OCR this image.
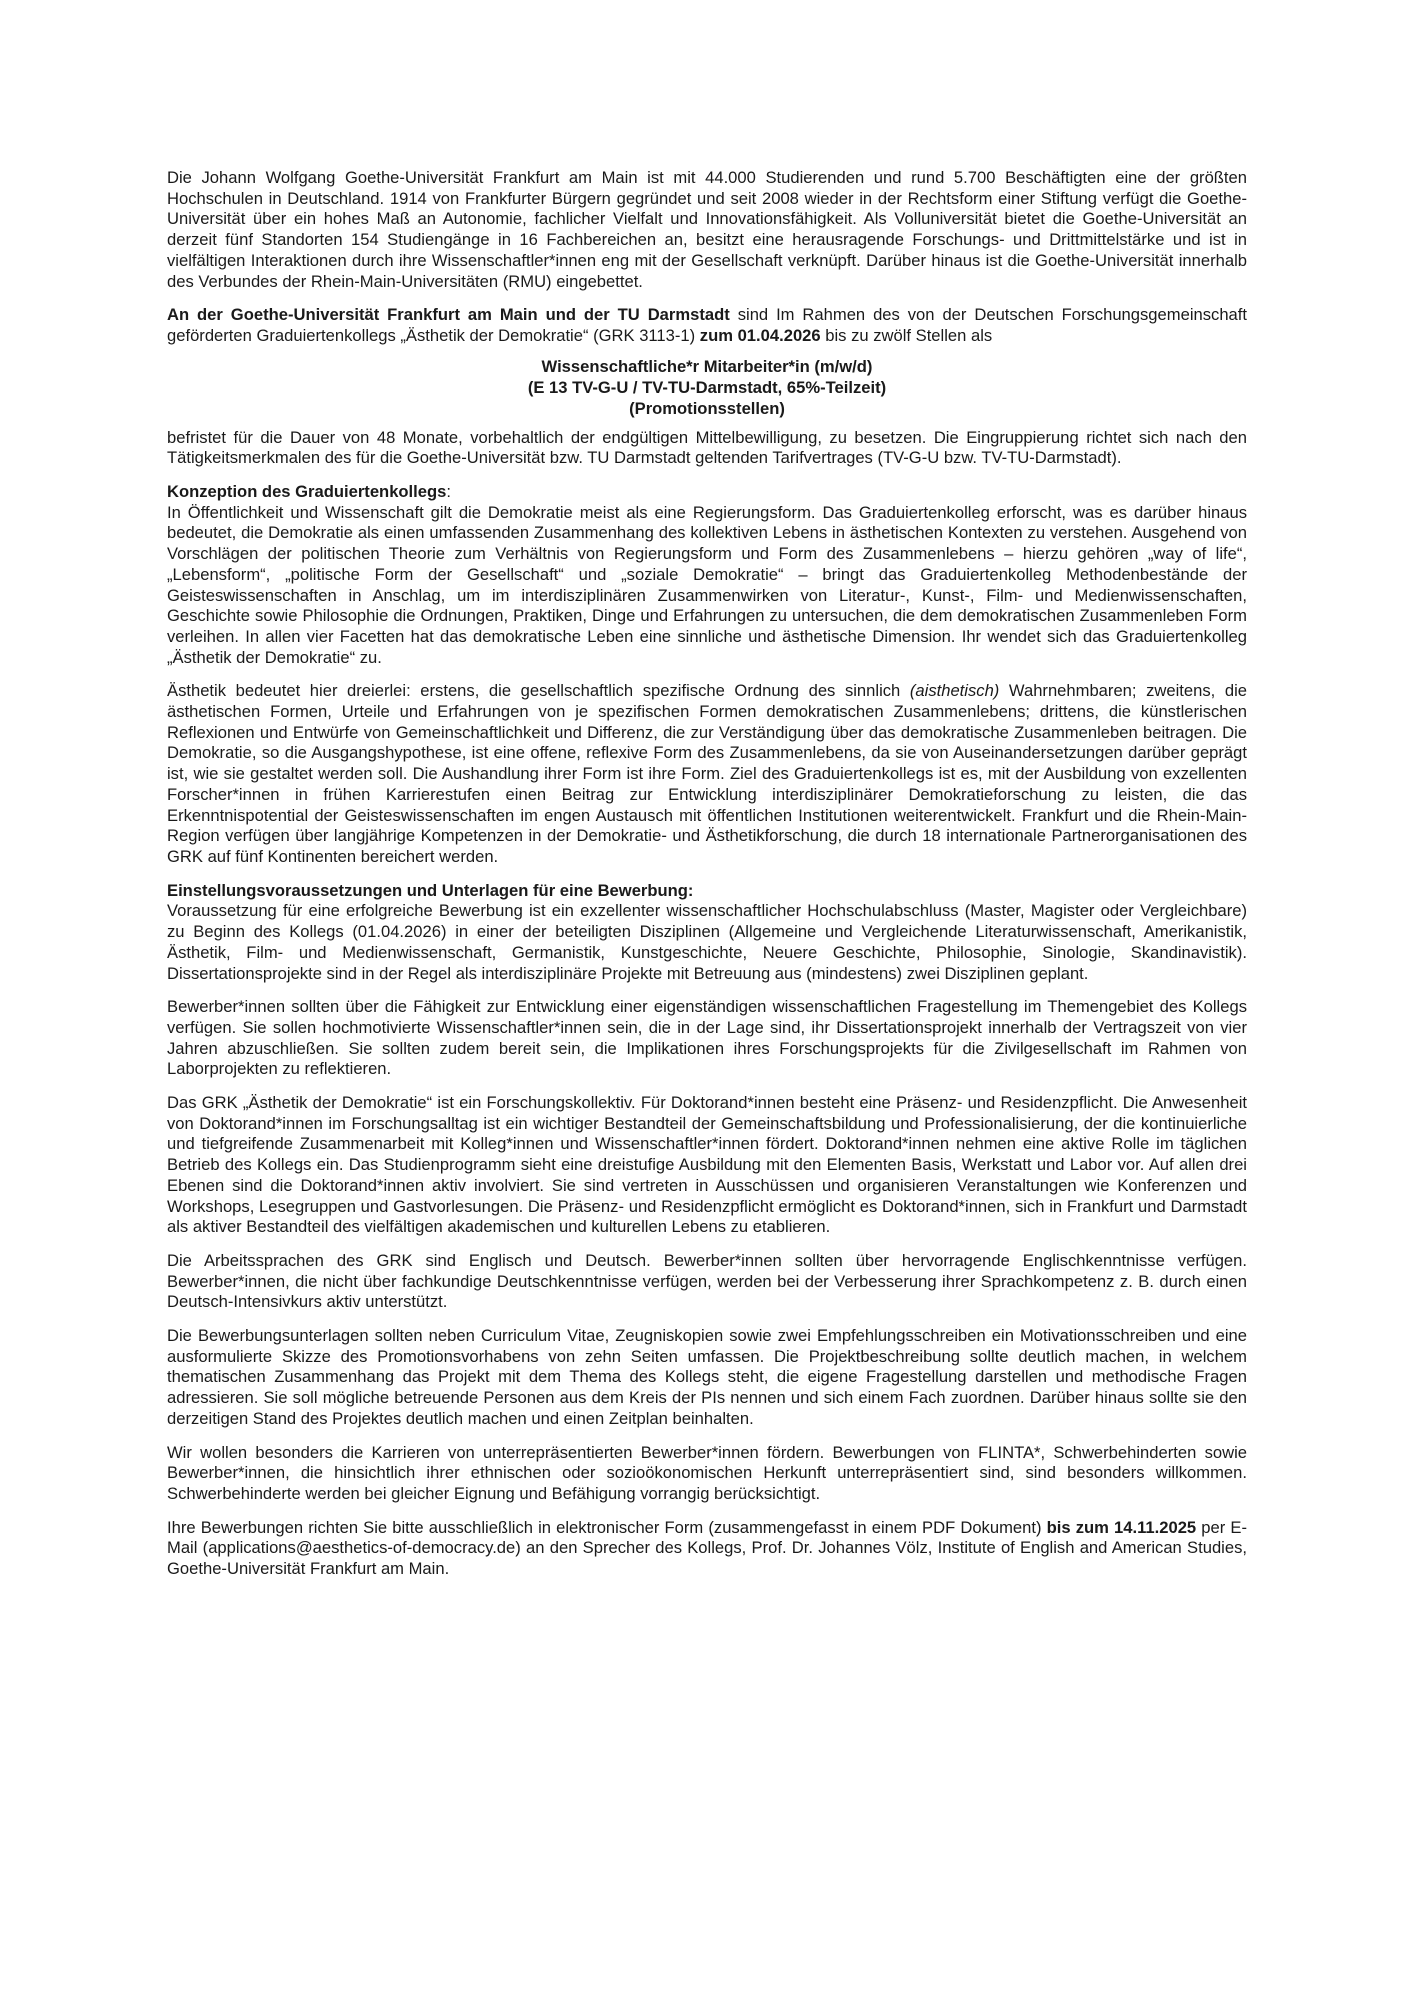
Die Johann Wolfgang Goethe-Universität Frankfurt am Main ist mit 44.000 Studierenden und rund 5.700 Beschäftigten eine der größten Hochschulen in Deutschland. 1914 von Frankfurter Bürgern gegründet und seit 2008 wieder in der Rechtsform einer Stiftung verfügt die Goethe-Universität über ein hohes Maß an Autonomie, fachlicher Vielfalt und Innovationsfähigkeit. Als Volluniversität bietet die Goethe-Universität an derzeit fünf Standorten 154 Studiengänge in 16 Fachbereichen an, besitzt eine herausragende Forschungs- und Drittmittelstärke und ist in vielfältigen Interaktionen durch ihre Wissenschaftler*innen eng mit der Gesellschaft verknüpft. Darüber hinaus ist die Goethe-Universität innerhalb des Verbundes der Rhein-Main-Universitäten (RMU) eingebettet.

An der Goethe-Universität Frankfurt am Main und der TU Darmstadt sind Im Rahmen des von der Deutschen Forschungsgemeinschaft geförderten Graduiertenkollegs „Ästhetik der Demokratie“ (GRK 3113-1) zum 01.04.2026 bis zu zwölf Stellen als

Wissenschaftliche*r Mitarbeiter*in (m/w/d)
(E 13 TV-G-U / TV-TU-Darmstadt, 65%-Teilzeit)
(Promotionsstellen)

befristet für die Dauer von 48 Monate, vorbehaltlich der endgültigen Mittelbewilligung, zu besetzen. Die Eingruppierung richtet sich nach den Tätigkeitsmerkmalen des für die Goethe-Universität bzw. TU Darmstadt geltenden Tarifvertrages (TV-G-U bzw. TV-TU-Darmstadt).

Konzeption des Graduiertenkollegs:

In Öffentlichkeit und Wissenschaft gilt die Demokratie meist als eine Regierungsform. Das Graduiertenkolleg erforscht, was es darüber hinaus bedeutet, die Demokratie als einen umfassenden Zusammenhang des kollektiven Lebens in ästhetischen Kontexten zu verstehen. Ausgehend von Vorschlägen der politischen Theorie zum Verhältnis von Regierungsform und Form des Zusammenlebens – hierzu gehören „way of life“, „Lebensform“, „politische Form der Gesellschaft“ und „soziale Demokratie“ – bringt das Graduiertenkolleg Methodenbestände der Geisteswissenschaften in Anschlag, um im interdisziplinären Zusammenwirken von Literatur-, Kunst-, Film- und Medienwissenschaften, Geschichte sowie Philosophie die Ordnungen, Praktiken, Dinge und Erfahrungen zu untersuchen, die dem demokratischen Zusammenleben Form verleihen. In allen vier Facetten hat das demokratische Leben eine sinnliche und ästhetische Dimension. Ihr wendet sich das Graduiertenkolleg „Ästhetik der Demokratie“ zu.

Ästhetik bedeutet hier dreierlei: erstens, die gesellschaftlich spezifische Ordnung des sinnlich (aisthetisch) Wahrnehmbaren; zweitens, die ästhetischen Formen, Urteile und Erfahrungen von je spezifischen Formen demokratischen Zusammenlebens; drittens, die künstlerischen Reflexionen und Entwürfe von Gemeinschaftlichkeit und Differenz, die zur Verständigung über das demokratische Zusammenleben beitragen. Die Demokratie, so die Ausgangshypothese, ist eine offene, reflexive Form des Zusammenlebens, da sie von Auseinandersetzungen darüber geprägt ist, wie sie gestaltet werden soll. Die Aushandlung ihrer Form ist ihre Form. Ziel des Graduiertenkollegs ist es, mit der Ausbildung von exzellenten Forscher*innen in frühen Karrierestufen einen Beitrag zur Entwicklung interdisziplinärer Demokratieforschung zu leisten, die das Erkenntnispotential der Geisteswissenschaften im engen Austausch mit öffentlichen Institutionen weiterentwickelt. Frankfurt und die Rhein-Main-Region verfügen über langjährige Kompetenzen in der Demokratie- und Ästhetikforschung, die durch 18 internationale Partnerorganisationen des GRK auf fünf Kontinenten bereichert werden.

Einstellungsvoraussetzungen und Unterlagen für eine Bewerbung:

Voraussetzung für eine erfolgreiche Bewerbung ist ein exzellenter wissenschaftlicher Hochschulabschluss (Master, Magister oder Vergleichbare) zu Beginn des Kollegs (01.04.2026) in einer der beteiligten Disziplinen (Allgemeine und Vergleichende Literaturwissenschaft, Amerikanistik, Ästhetik, Film- und Medienwissenschaft, Germanistik, Kunstgeschichte, Neuere Geschichte, Philosophie, Sinologie, Skandinavistik). Dissertationsprojekte sind in der Regel als interdisziplinäre Projekte mit Betreuung aus (mindestens) zwei Disziplinen geplant.

Bewerber*innen sollten über die Fähigkeit zur Entwicklung einer eigenständigen wissenschaftlichen Fragestellung im Themengebiet des Kollegs verfügen. Sie sollen hochmotivierte Wissenschaftler*innen sein, die in der Lage sind, ihr Dissertationsprojekt innerhalb der Vertragszeit von vier Jahren abzuschließen. Sie sollten zudem bereit sein, die Implikationen ihres Forschungsprojekts für die Zivilgesellschaft im Rahmen von Laborprojekten zu reflektieren.

Das GRK „Ästhetik der Demokratie“ ist ein Forschungskollektiv. Für Doktorand*innen besteht eine Präsenz- und Residenzpflicht. Die Anwesenheit von Doktorand*innen im Forschungsalltag ist ein wichtiger Bestandteil der Gemeinschaftsbildung und Professionalisierung, der die kontinuierliche und tiefgreifende Zusammenarbeit mit Kolleg*innen und Wissenschaftler*innen fördert. Doktorand*innen nehmen eine aktive Rolle im täglichen Betrieb des Kollegs ein. Das Studienprogramm sieht eine dreistufige Ausbildung mit den Elementen Basis, Werkstatt und Labor vor. Auf allen drei Ebenen sind die Doktorand*innen aktiv involviert. Sie sind vertreten in Ausschüssen und organisieren Veranstaltungen wie Konferenzen und Workshops, Lesegruppen und Gastvorlesungen. Die Präsenz- und Residenzpflicht ermöglicht es Doktorand*innen, sich in Frankfurt und Darmstadt als aktiver Bestandteil des vielfältigen akademischen und kulturellen Lebens zu etablieren.

Die Arbeitssprachen des GRK sind Englisch und Deutsch. Bewerber*innen sollten über hervorragende Englischkenntnisse verfügen. Bewerber*innen, die nicht über fachkundige Deutschkenntnisse verfügen, werden bei der Verbesserung ihrer Sprachkompetenz z. B. durch einen Deutsch-Intensivkurs aktiv unterstützt.

Die Bewerbungsunterlagen sollten neben Curriculum Vitae, Zeugniskopien sowie zwei Empfehlungsschreiben ein Motivationsschreiben und eine ausformulierte Skizze des Promotionsvorhabens von zehn Seiten umfassen. Die Projektbeschreibung sollte deutlich machen, in welchem thematischen Zusammenhang das Projekt mit dem Thema des Kollegs steht, die eigene Fragestellung darstellen und methodische Fragen adressieren. Sie soll mögliche betreuende Personen aus dem Kreis der PIs nennen und sich einem Fach zuordnen. Darüber hinaus sollte sie den derzeitigen Stand des Projektes deutlich machen und einen Zeitplan beinhalten.

Wir wollen besonders die Karrieren von unterrepräsentierten Bewerber*innen fördern. Bewerbungen von FLINTA*, Schwerbehinderten sowie Bewerber*innen, die hinsichtlich ihrer ethnischen oder sozioökonomischen Herkunft unterrepräsentiert sind, sind besonders willkommen. Schwerbehinderte werden bei gleicher Eignung und Befähigung vorrangig berücksichtigt.

Ihre Bewerbungen richten Sie bitte ausschließlich in elektronischer Form (zusammengefasst in einem PDF Dokument) bis zum 14.11.2025 per E-Mail (applications@aesthetics-of-democracy.de) an den Sprecher des Kollegs, Prof. Dr. Johannes Völz, Institute of English and American Studies, Goethe-Universität Frankfurt am Main.
